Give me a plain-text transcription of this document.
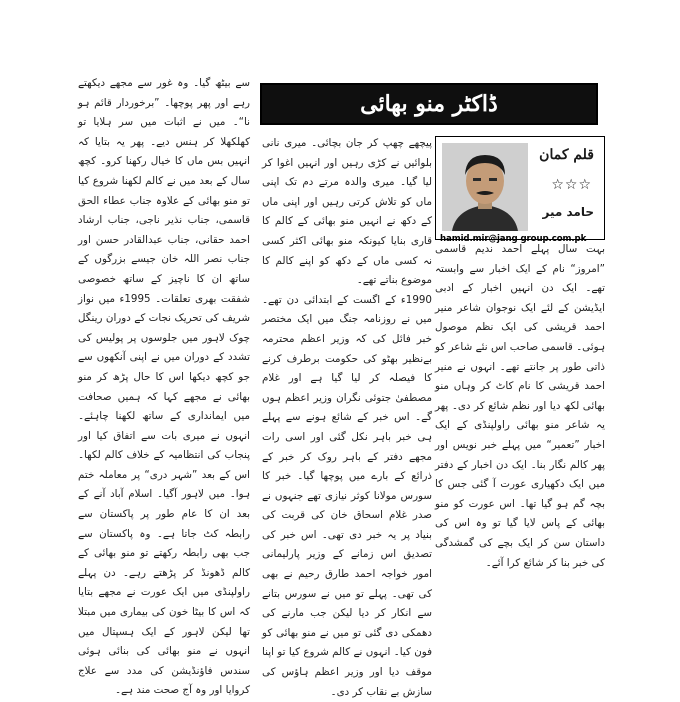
سے بیٹھ گیا۔ وہ غور سے مجھے دیکھتے رہے اور پھر پوچھا۔ ”برخوردار قائم ہو نا“۔ میں نے اثبات میں سر ہلایا تو کھلکھلا کر ہنس دیے۔ پھر یہ بتایا کہ انہیں بس ماں کا خیال رکھنا کرو۔ کچھ سال کے بعد میں نے کالم لکھنا شروع کیا تو منو بھائی کے علاوہ جناب عطاء الحق قاسمی، جناب نذیر ناجی، جناب ارشاد احمد حقانی، جناب عبدالقادر حسن اور جناب نصر اللہ خان جیسے بزرگوں کے ساتھ ان کا ناچیز کے ساتھ خصوصی شفقت بھری تعلقات۔ 1995ء میں نواز شریف کی تحریک نجات کے دوران رینگل چوک لاہور میں جلوسوں پر پولیس کی تشدد کے دوران میں نے اپنی آنکھوں سے جو کچھ دیکھا اس کا حال پڑھ کر منو بھائی نے مجھے کہا کہ ہمیں صحافت میں ایمانداری کے ساتھ لکھنا چاہئے۔ انہوں نے میری بات سے اتفاق کیا اور پنجاب کی انتظامیہ کے خلاف کالم لکھا۔ اس کے بعد ”شہر دری“ پر معاملہ ختم ہوا۔ میں لاہور آگیا۔ اسلام آباد آنے کے بعد ان کا عام طور پر پاکستان سے رابطہ کٹ جاتا ہے۔ وہ پاکستان سے جب بھی رابطہ رکھتے تو منو بھائی کے کالم ڈھونڈ کر پڑھتے رہے۔ دن پہلے راولپنڈی میں ایک عورت نے مجھے بتایا کہ اس کا بیٹا خون کی بیماری میں مبتلا تھا لیکن لاہور کے ایک ہسپتال میں انہوں نے منو بھائی کی بنائی ہوئی سندس فاؤنڈیشن کی مدد سے علاج کروایا اور وہ آج صحت مند ہے۔

ڈاکٹر منو بھائی

پیچھے چھپ کر جان بچائی۔ میری نانی بلوائیں نے کڑی رہیں اور انہیں اغوا کر لیا گیا۔ میری والدہ مرتے دم تک اپنی ماں کو تلاش کرتی رہیں اور اپنی ماں کے دکھ نے انہیں منو بھائی کے کالم کا قاری بنایا کیونکہ منو بھائی اکثر کسی نہ کسی ماں کے دکھ کو اپنے کالم کا موضوع بناتے تھے۔

1990ء کے اگست کے ابتدائی دن تھے۔ میں نے روزنامہ جنگ میں ایک مختصر خبر فائل کی کہ وزیر اعظم محترمہ بےنظیر بھٹو کی حکومت برطرف کرنے کا فیصلہ کر لیا گیا ہے اور غلام مصطفیٰ جتوئی نگران وزیر اعظم ہوں گے۔ اس خبر کے شائع ہونے سے پہلے ہی خبر باہر نکل گئی اور اسی رات مجھے دفتر کے باہر روک کر خبر کے ذرائع کے بارے میں پوچھا گیا۔ خبر کا سورس مولانا کوثر نیازی تھے جنہوں نے صدر غلام اسحاق خان کی قربت کی بنیاد پر یہ خبر دی تھی۔ اس خبر کی تصدیق اس زمانے کے وزیر پارلیمانی امور خواجہ احمد طارق رحیم نے بھی کی تھی۔ پہلے تو میں نے سورس بتانے سے انکار کر دیا لیکن جب مارنے کی دھمکی دی گئی تو میں نے منو بھائی کو فون کیا۔ انہوں نے کالم شروع کیا تو اپنا موقف دیا اور وزیر اعظم ہاؤس کی سازش بے نقاب کر دی۔

قلم کمان
☆☆☆
حامد میر
hamid.mir@jang group.com.pk

بہت سال پہلے احمد ندیم قاسمی ”امروز“ نام کے ایک اخبار سے وابستہ تھے۔ ایک دن انہیں اخبار کے ادبی ایڈیشن کے لئے ایک نوجوان شاعر منیر احمد قریشی کی ایک نظم موصول ہوئی۔ قاسمی صاحب اس نئے شاعر کو ذاتی طور پر جانتے تھے۔ انہوں نے منیر احمد قریشی کا نام کاٹ کر وہاں منو بھائی لکھ دیا اور نظم شائع کر دی۔ پھر یہ شاعر منو بھائی راولپنڈی کے ایک اخبار ”تعمیر“ میں پہلے خبر نویس اور پھر کالم نگار بنا۔ ایک دن اخبار کے دفتر میں ایک دکھیاری عورت آ گئی جس کا بچہ گم ہو گیا تھا۔ اس عورت کو منو بھائی کے پاس لایا گیا تو وہ اس کی داستان سن کر ایک بچے کی گمشدگی کی خبر بنا کر شائع کرا آئے۔
